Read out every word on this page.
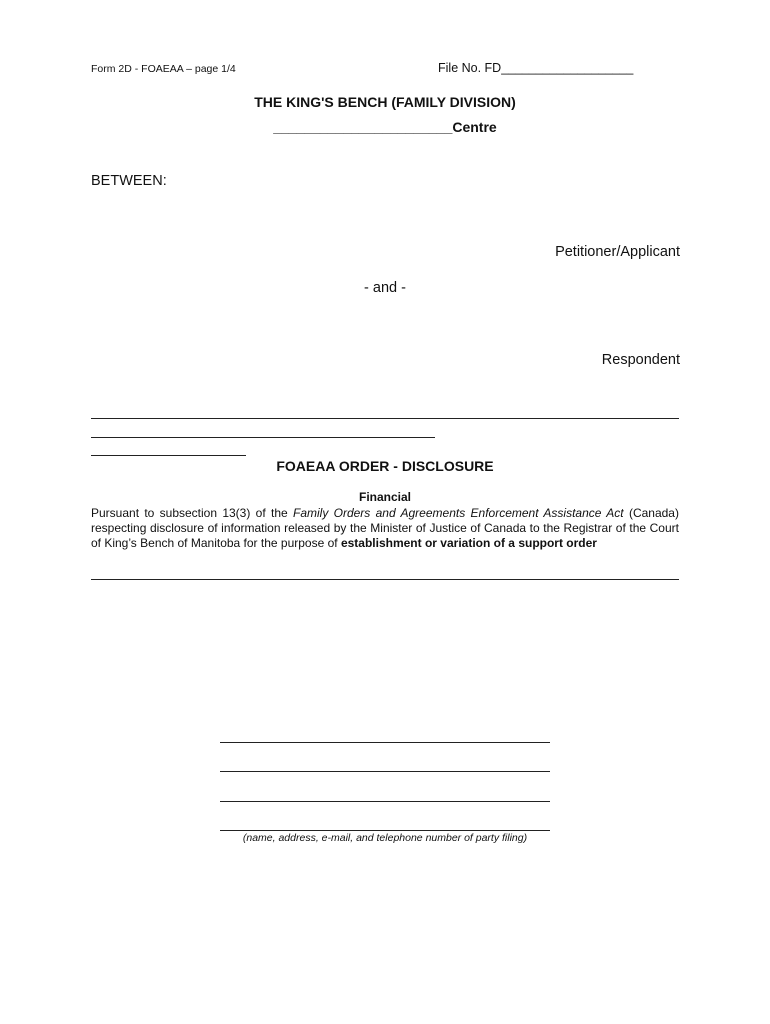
Form 2D - FOAEAA – page 1/4	File No. FD___________________
THE KING'S BENCH (FAMILY DIVISION)
_______________________Centre
BETWEEN:
Petitioner/Applicant
- and -
Respondent
FOAEAA ORDER - DISCLOSURE
Financial
Pursuant to subsection 13(3) of the Family Orders and Agreements Enforcement Assistance Act (Canada) respecting disclosure of information released by the Minister of Justice of Canada to the Registrar of the Court of King’s Bench of Manitoba for the purpose of establishment or variation of a support order
(name, address, e-mail, and telephone number of party filing)
